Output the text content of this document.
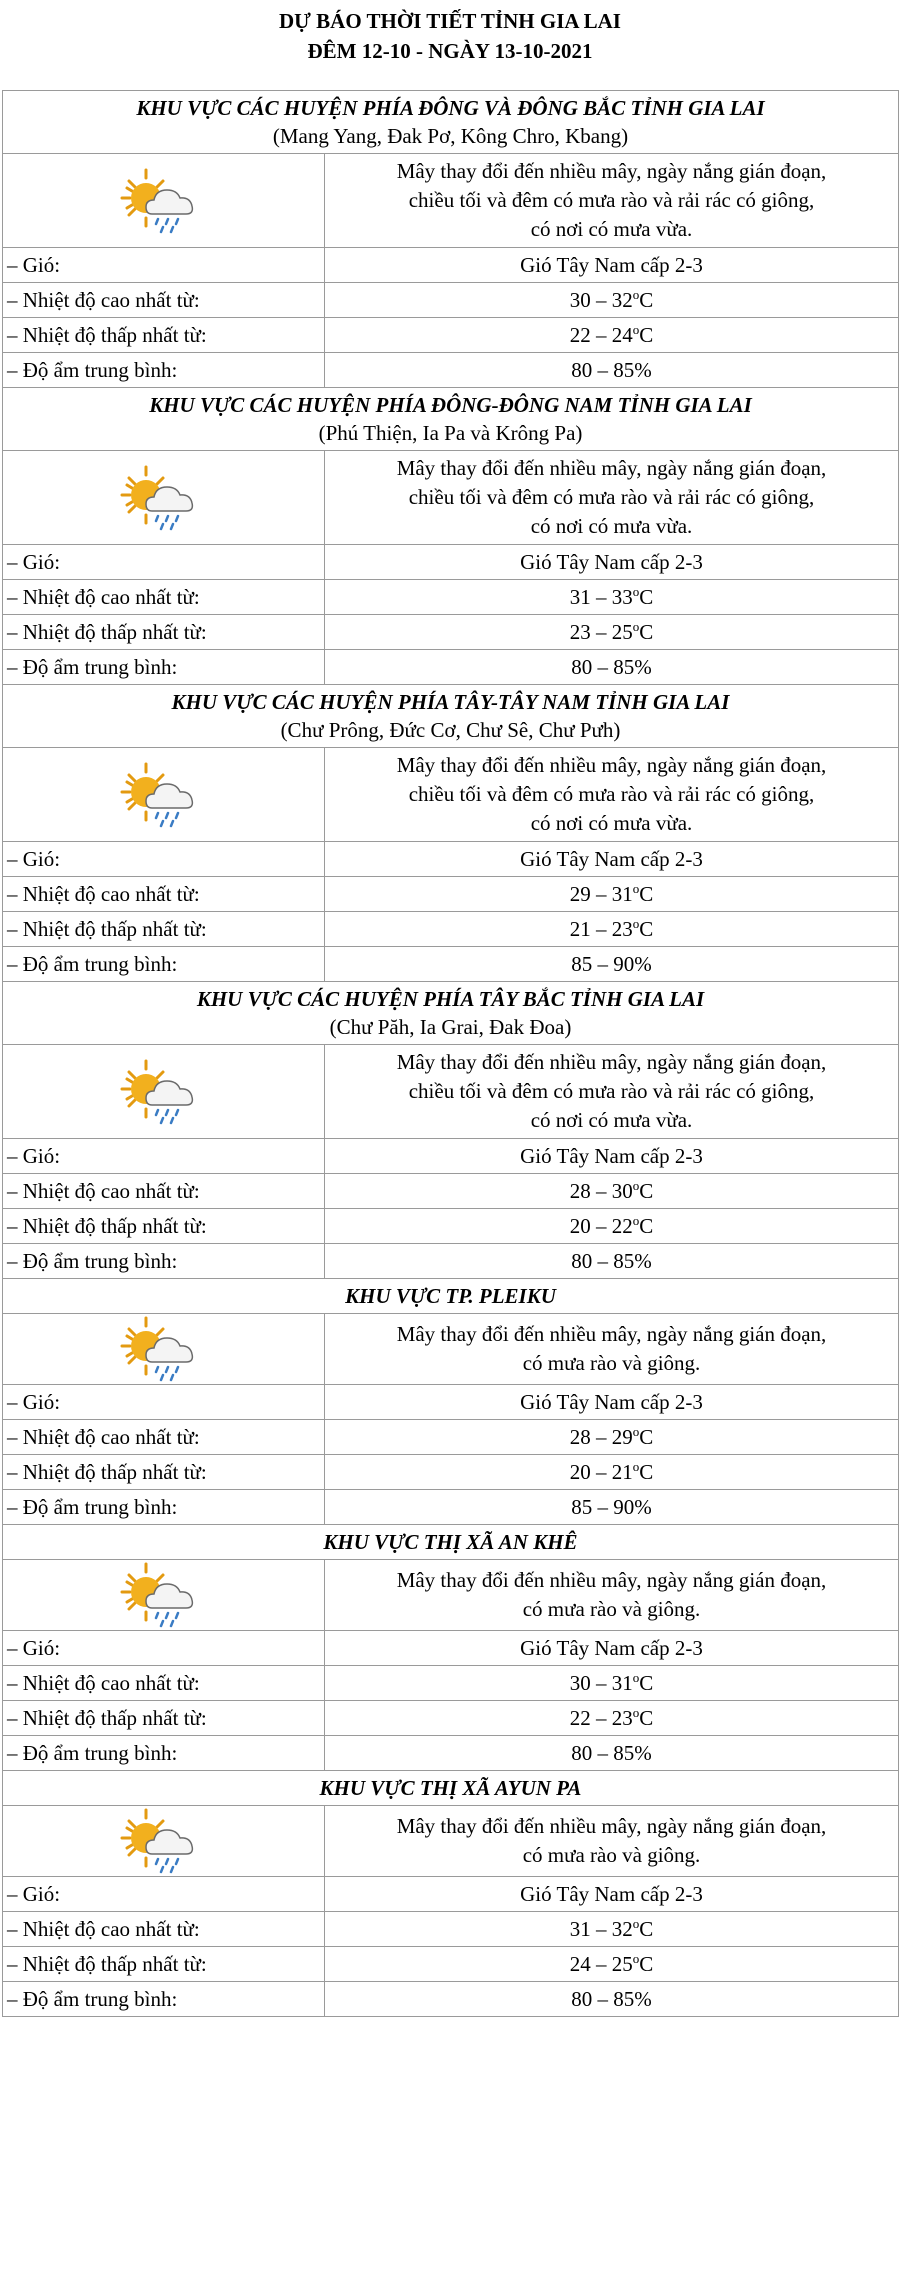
DỰ BÁO THỜI TIẾT TỈNH GIA LAI
ĐÊM 12-10 - NGÀY 13-10-2021
KHU VỰC CÁC HUYỆN PHÍA ĐÔNG VÀ ĐÔNG BẮC TỈNH GIA LAI
(Mang Yang, Đak Pơ, Kông Chro, Kbang)	

Mây thay đổi đến nhiều mây, ngày nắng gián đoạn,
chiều tối và đêm có mưa rào và rải rác có giông,
có nơi có mưa vừa.

– Gió:	Gió Tây Nam cấp 2-3
– Nhiệt độ cao nhất từ:	30 – 32$^o$C
– Nhiệt độ thấp nhất từ:	22 – 24$^o$C
– Độ ẩm trung bình:	80 – 85%

KHU VỰC CÁC HUYỆN PHÍA ĐÔNG-ĐÔNG NAM TỈNH GIA LAI
(Phú Thiện, Ia Pa và Krông Pa)	

Mây thay đổi đến nhiều mây, ngày nắng gián đoạn,
chiều tối và đêm có mưa rào và rải rác có giông,
có nơi có mưa vừa.

– Gió:	Gió Tây Nam cấp 2-3
– Nhiệt độ cao nhất từ:	31 – 33$^o$C
– Nhiệt độ thấp nhất từ:	23 – 25$^o$C
– Độ ẩm trung bình:	80 – 85%

KHU VỰC CÁC HUYỆN PHÍA TÂY-TÂY NAM TỈNH GIA LAI
(Chư Prông, Đức Cơ, Chư Sê, Chư Pưh)	

Mây thay đổi đến nhiều mây, ngày nắng gián đoạn,
chiều tối và đêm có mưa rào và rải rác có giông,
có nơi có mưa vừa.

– Gió:	Gió Tây Nam cấp 2-3
– Nhiệt độ cao nhất từ:	29 – 31$^o$C
– Nhiệt độ thấp nhất từ:	21 – 23$^o$C
– Độ ẩm trung bình:	85 – 90%

KHU VỰC CÁC HUYỆN PHÍA TÂY BẮC TỈNH GIA LAI
(Chư Păh, Ia Grai, Đak Đoa)	

Mây thay đổi đến nhiều mây, ngày nắng gián đoạn,
chiều tối và đêm có mưa rào và rải rác có giông,
có nơi có mưa vừa.

– Gió:	Gió Tây Nam cấp 2-3
– Nhiệt độ cao nhất từ:	28 – 30$^o$C
– Nhiệt độ thấp nhất từ:	20 – 22$^o$C
– Độ ẩm trung bình:	80 – 85%

KHU VỰC TP. PLEIKU	

Mây thay đổi đến nhiều mây, ngày nắng gián đoạn,
có mưa rào và giông.

– Gió:	Gió Tây Nam cấp 2-3
– Nhiệt độ cao nhất từ:	28 – 29$^o$C
– Nhiệt độ thấp nhất từ:	20 – 21$^o$C
– Độ ẩm trung bình:	85 – 90%

KHU VỰC THỊ XÃ AN KHÊ	

Mây thay đổi đến nhiều mây, ngày nắng gián đoạn,
có mưa rào và giông.

– Gió:	Gió Tây Nam cấp 2-3
– Nhiệt độ cao nhất từ:	30 – 31$^o$C
– Nhiệt độ thấp nhất từ:	22 – 23$^o$C
– Độ ẩm trung bình:	80 – 85%

KHU VỰC THỊ XÃ AYUN PA	

Mây thay đổi đến nhiều mây, ngày nắng gián đoạn,
có mưa rào và giông.

– Gió:	Gió Tây Nam cấp 2-3
– Nhiệt độ cao nhất từ:	31 – 32$^o$C
– Nhiệt độ thấp nhất từ:	24 – 25$^o$C
– Độ ẩm trung bình:	80 – 85%
